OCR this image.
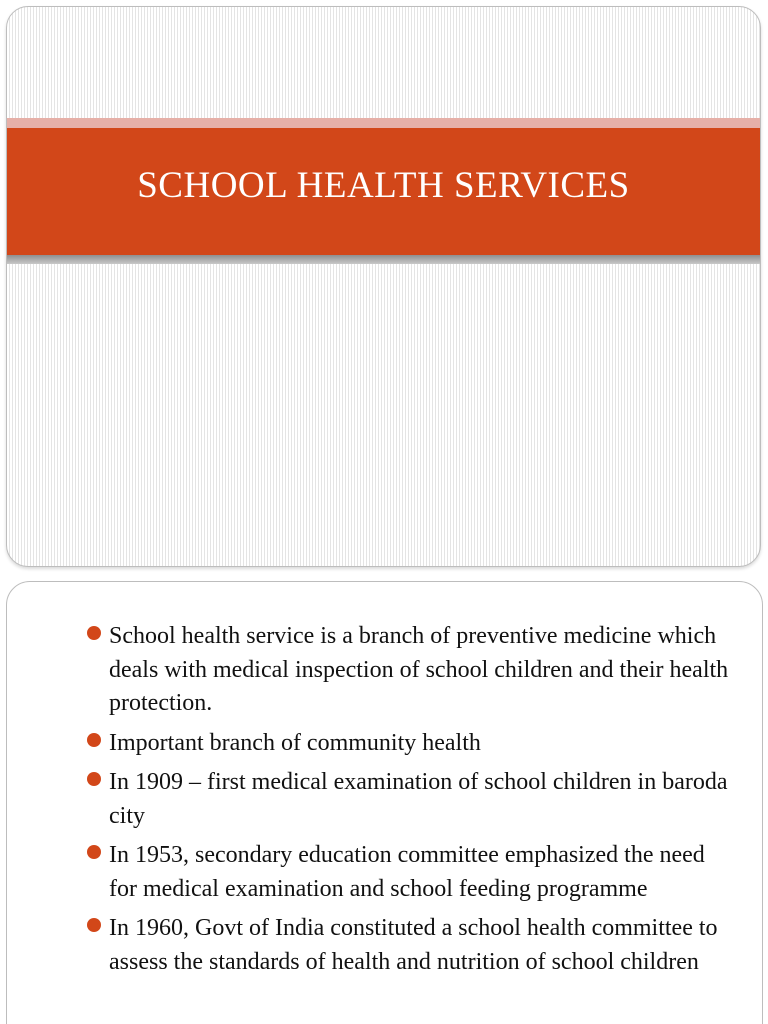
SCHOOL HEALTH SERVICES
School health service is a branch of preventive medicine which deals with medical inspection of school children and their health protection.
Important branch of community health
In 1909 – first medical examination of school children in baroda city
In 1953, secondary education committee emphasized the need for medical examination and school feeding programme
In 1960, Govt of India constituted a school health committee to assess the standards of health and nutrition of school children
